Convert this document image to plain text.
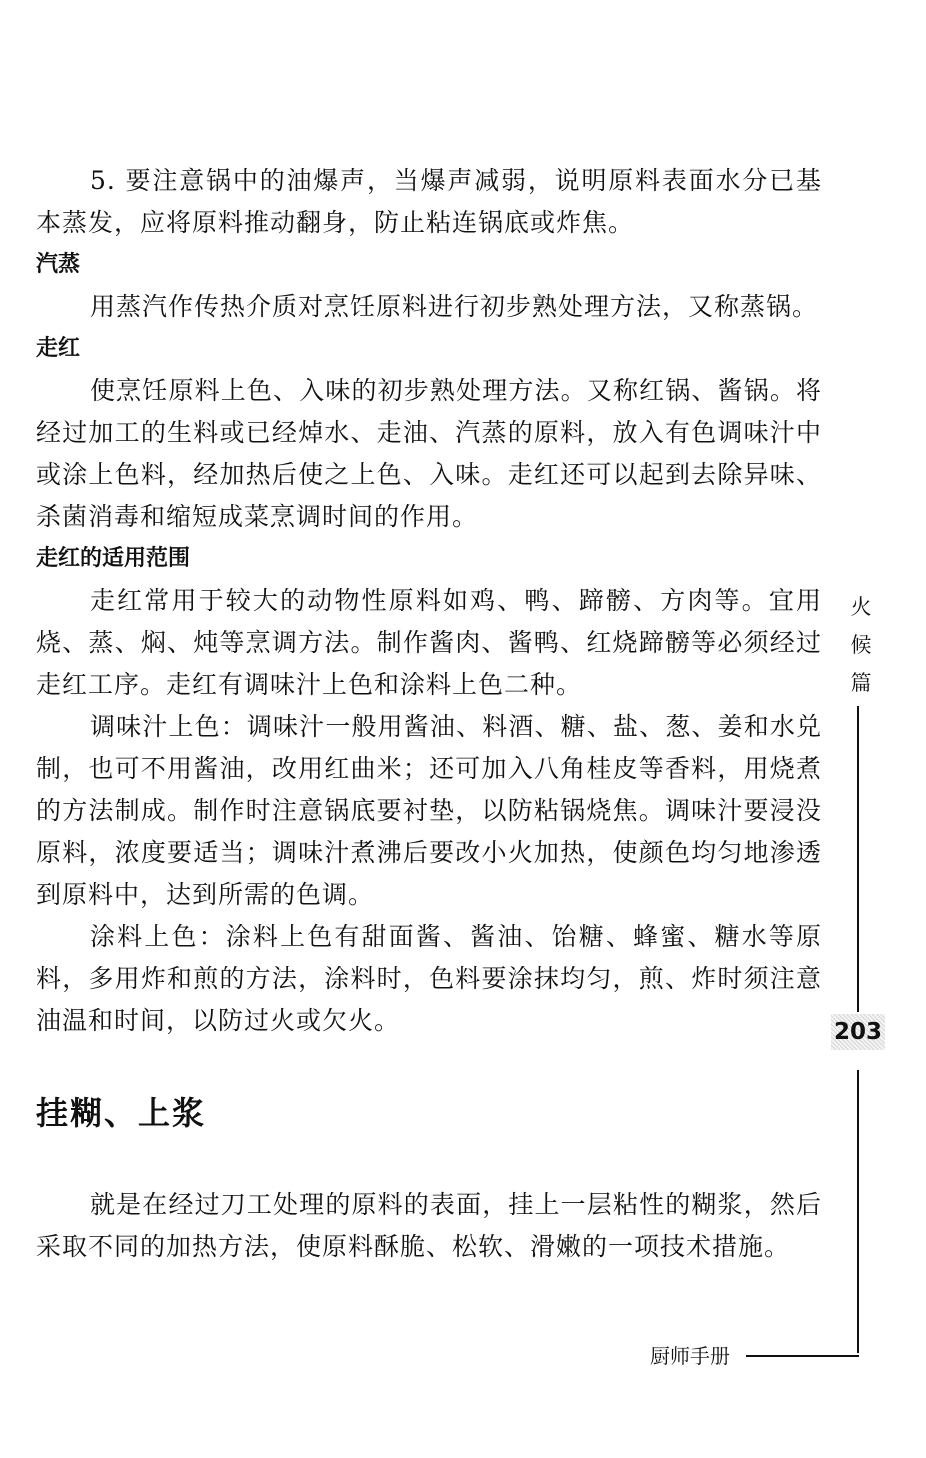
5. 要注意锅中的油爆声，当爆声减弱，说明原料表面水分已基本蒸发，应将原料推动翻身，防止粘连锅底或炸焦。

汽蒸

用蒸汽作传热介质对烹饪原料进行初步熟处理方法，又称蒸锅。

走红

使烹饪原料上色、入味的初步熟处理方法。又称红锅、酱锅。将经过加工的生料或已经焯水、走油、汽蒸的原料，放入有色调味汁中或涂上色料，经加热后使之上色、入味。走红还可以起到去除异味、杀菌消毒和缩短成菜烹调时间的作用。

走红的适用范围

走红常用于较大的动物性原料如鸡、鸭、蹄髈、方肉等。宜用烧、蒸、焖、炖等烹调方法。制作酱肉、酱鸭、红烧蹄髈等必须经过走红工序。走红有调味汁上色和涂料上色二种。

调味汁上色：调味汁一般用酱油、料酒、糖、盐、葱、姜和水兑制，也可不用酱油，改用红曲米；还可加入八角桂皮等香料，用烧煮的方法制成。制作时注意锅底要衬垫，以防粘锅烧焦。调味汁要浸没原料，浓度要适当；调味汁煮沸后要改小火加热，使颜色均匀地渗透到原料中，达到所需的色调。

涂料上色：涂料上色有甜面酱、酱油、饴糖、蜂蜜、糖水等原料，多用炸和煎的方法，涂料时，色料要涂抹均匀，煎、炸时须注意油温和时间，以防过火或欠火。

挂糊、上浆

就是在经过刀工处理的原料的表面，挂上一层粘性的糊浆，然后采取不同的加热方法，使原料酥脆、松软、滑嫩的一项技术措施。

火
候
篇
203
厨师手册
